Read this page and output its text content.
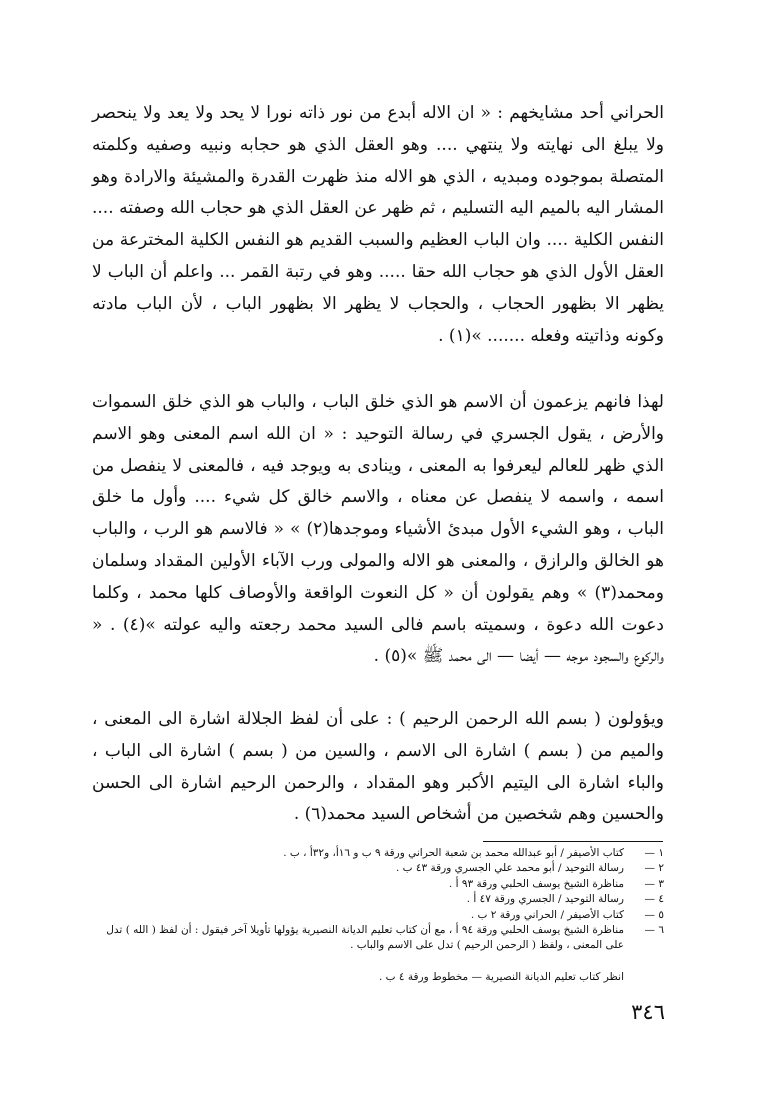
الحراني أحد مشايخهم : « ان الاله أبدع من نور ذاته نورا لا يحد ولا يعد ولا ينحصر ولا يبلغ الى نهايته ولا ينتهي .... وهو العقل الذي هو حجابه ونبيه وصفيه وكلمته المتصلة بموجوده ومبديه ، الذي هو الاله منذ ظهرت القدرة والمشيئة والارادة وهو المشار اليه بالميم اليه التسليم ، ثم ظهر عن العقل الذي هو حجاب الله وصفته .... النفس الكلية .... وان الباب العظيم والسبب القديم هو النفس الكلية المخترعة من العقل الأول الذي هو حجاب الله حقا ..... وهو في رتبة القمر ... واعلم أن الباب لا يظهر الا بظهور الحجاب ، والحجاب لا يظهر الا بظهور الباب ، لأن الباب مادته وكونه وذاتيته وفعله ....... »(١) .

لهذا فانهم يزعمون أن الاسم هو الذي خلق الباب ، والباب هو الذي خلق السموات والأرض ، يقول الجسري في رسالة التوحيد : « ان الله اسم المعنى وهو الاسم الذي ظهر للعالم ليعرفوا به المعنى ، وينادى به ويوجد فيه ، فالمعنى لا ينفصل من اسمه ، واسمه لا ينفصل عن معناه ، والاسم خالق كل شيء .... وأول ما خلق الباب ، وهو الشيء الأول مبدئ الأشياء وموجدها(٢) » « فالاسم هو الرب ، والباب هو الخالق والرازق ، والمعنى هو الاله والمولى ورب الآباء الأولين المقداد وسلمان ومحمد(٣) » وهم يقولون أن « كل النعوت الواقعة والأوصاف كلها محمد ، وكلما دعوت الله دعوة ، وسميته باسم فالى السيد محمد رجعته واليه عولته »(٤) . « والركوع والسجود موجه — أيضا — الى محمد ﷺ »(٥) .

ويؤولون ( بسم الله الرحمن الرحيم ) : على أن لفظ الجلالة اشارة الى المعنى ، والميم من ( بسم ) اشارة الى الاسم ، والسين من ( بسم ) اشارة الى الباب ، والباء اشارة الى اليتيم الأكبر وهو المقداد ، والرحمن الرحيم اشارة الى الحسن والحسين وهم شخصين من أشخاص السيد محمد(٦) .

١ —
كتاب الأصيفر / أبو عبدالله محمد بن شعبة الحراني ورقة ٩ ب و ١٦أ، و٣٢أ ، ب .
٢ —
رسالة التوحيد / أبو محمد علي الجسري ورقة ٤٣ ب .
٣ —
مناظرة الشيخ يوسف الحلبي ورقة ٩٣ أ .
٤ —
رسالة التوحيد / الجسري ورقة ٤٧ أ .
٥ —
كتاب الأصيفر / الحراني ورقة ٢ ب .
٦ —
مناظرة الشيخ يوسف الحلبي ورقة ٩٤ أ ، مع أن كتاب تعليم الديانة النصيرية يؤولها تأويلا آخر فيقول : أن لفظ ( الله ) تدل على المعنى ، ولفظ ( الرحمن الرحيم ) تدل على الاسم والباب .

انظر كتاب تعليم الديانة النصيرية — مخطوط ورقة ٤ ب .

٣٤٦
